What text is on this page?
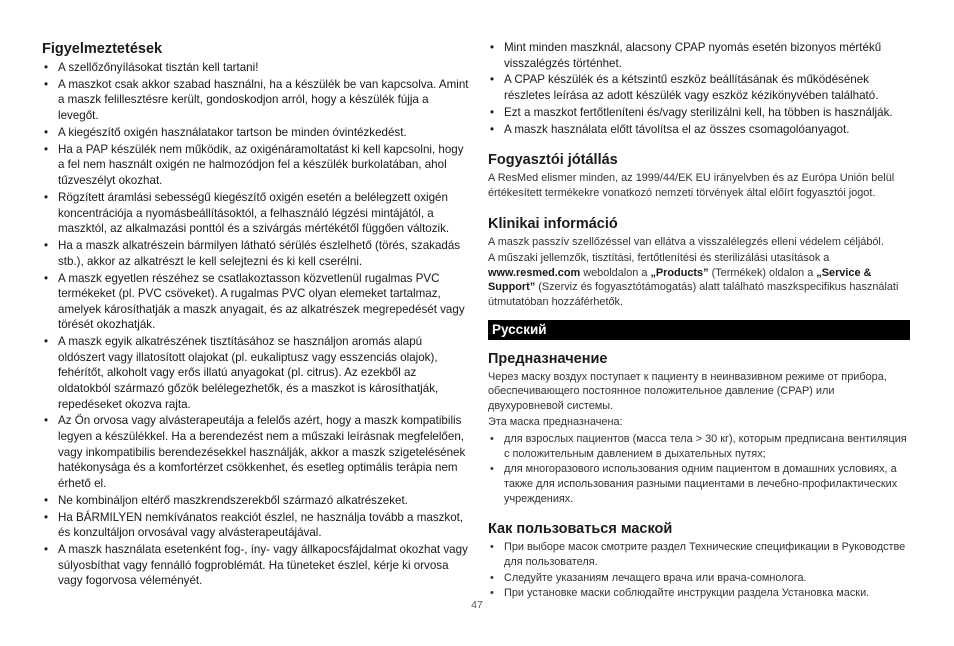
Figyelmeztetések
• A szellőzőnyílásokat tisztán kell tartani!
• A maszkot csak akkor szabad használni, ha a készülék be van kapcsolva. Amint a maszk felillesztésre került, gondoskodjon arról, hogy a készülék fújja a levegőt.
• A kiegészítő oxigén használatakor tartson be minden óvintézkedést.
• Ha a PAP készülék nem működik, az oxigénáramoltatást ki kell kapcsolni, hogy a fel nem használt oxigén ne halmozódjon fel a készülék burkolatában, ahol tűzveszélyt okozhat.
• Rögzített áramlási sebességű kiegészítő oxigén esetén a belélegzett oxigén koncentrációja a nyomásbeállításoktól, a felhasználó légzési mintájától, a maszktól, az alkalmazási ponttól és a szivárgás mértékétől függően változik.
• Ha a maszk alkatrészein bármilyen látható sérülés észlelhető (törés, szakadás stb.), akkor az alkatrészt le kell selejtezni és ki kell cserélni.
• A maszk egyetlen részéhez se csatlakoztasson közvetlenül rugalmas PVC termékeket (pl. PVC csöveket). A rugalmas PVC olyan elemeket tartalmaz, amelyek károsíthatják a maszk anyagait, és az alkatrészek megrepedését vagy törését okozhatják.
• A maszk egyik alkatrészének tisztításához se használjon aromás alapú oldószert vagy illatosított olajokat (pl. eukaliptusz vagy esszenciás olajok), fehérítőt, alkoholt vagy erős illatú anyagokat (pl. citrus). Az ezekből az oldatokból származó gőzök belélegezhetők, és a maszkot is károsíthatják, repedéseket okozva rajta.
• Az Ön orvosa vagy alvásterapeutája a felelős azért, hogy a maszk kompatibilis legyen a készülékkel. Ha a berendezést nem a műszaki leírásnak megfelelően, vagy inkompatibilis berendezésekkel használják, akkor a maszk szigetelésének hatékonysága és a komfortérzet csökkenhet, és esetleg optimális terápia nem érhető el.
• Ne kombináljon eltérő maszkrendszerekből származó alkatrészeket.
• Ha BÁRMILYEN nemkívánatos reakciót észlel, ne használja tovább a maszkot, és konzultáljon orvosával vagy alvásterapeutájával.
• A maszk használata esetenként fog-, íny- vagy állkapocsfájdalmat okozhat vagy súlyosbíthat vagy fennálló fogproblémát. Ha tüneteket észlel, kérje ki orvosa vagy fogorvosa véleményét.
• Mint minden maszknál, alacsony CPAP nyomás esetén bizonyos mértékű visszalégzés történhet.
• A CPAP készülék és a kétszintű eszköz beállításának és működésének részletes leírása az adott készülék vagy eszköz kézikönyvében található.
• Ezt a maszkot fertőtleníteni és/vagy sterilizálni kell, ha többen is használják.
• A maszk használata előtt távolítsa el az összes csomagolóanyagot.
Fogyasztói jótállás

A ResMed elismer minden, az 1999/44/EK EU irányelvben és az Európa Unión belül értékesített termékekre vonatkozó nemzeti törvények által előírt fogyasztói jogot.

Klinikai információ

A maszk passzív szellőzéssel van ellátva a visszalélegzés elleni védelem céljából.

A műszaki jellemzők, tisztítási, fertőtlenítési és sterilizálási utasítások a www.resmed.com weboldalon a „Products” (Termékek) oldalon a „Service & Support” (Szerviz és fogyasztótámogatás) alatt található maszkspecifikus használati útmutatóban hozzáférhetők.

Русский
Предназначение

Через маску воздух поступает к пациенту в неинвазивном режиме от прибора, обеспечивающего постоянное положительное давление (CPAP) или двухуровневой системы.

Эта маска предназначена:

• для взрослых пациентов (масса тела > 30 кг), которым предписана вентиляция с положительным давлением в дыхательных путях;
• для многоразового использования одним пациентом в домашних условиях, а также для использования разными пациентами в лечебно-профилактических учреждениях.
Как пользоваться маской
• При выборе масок смотрите раздел Технические спецификации в Руководстве для пользователя.
• Следуйте указаниям лечащего врача или врача-сомнолога.
• При установке маски соблюдайте инструкции раздела Установка маски.
47
